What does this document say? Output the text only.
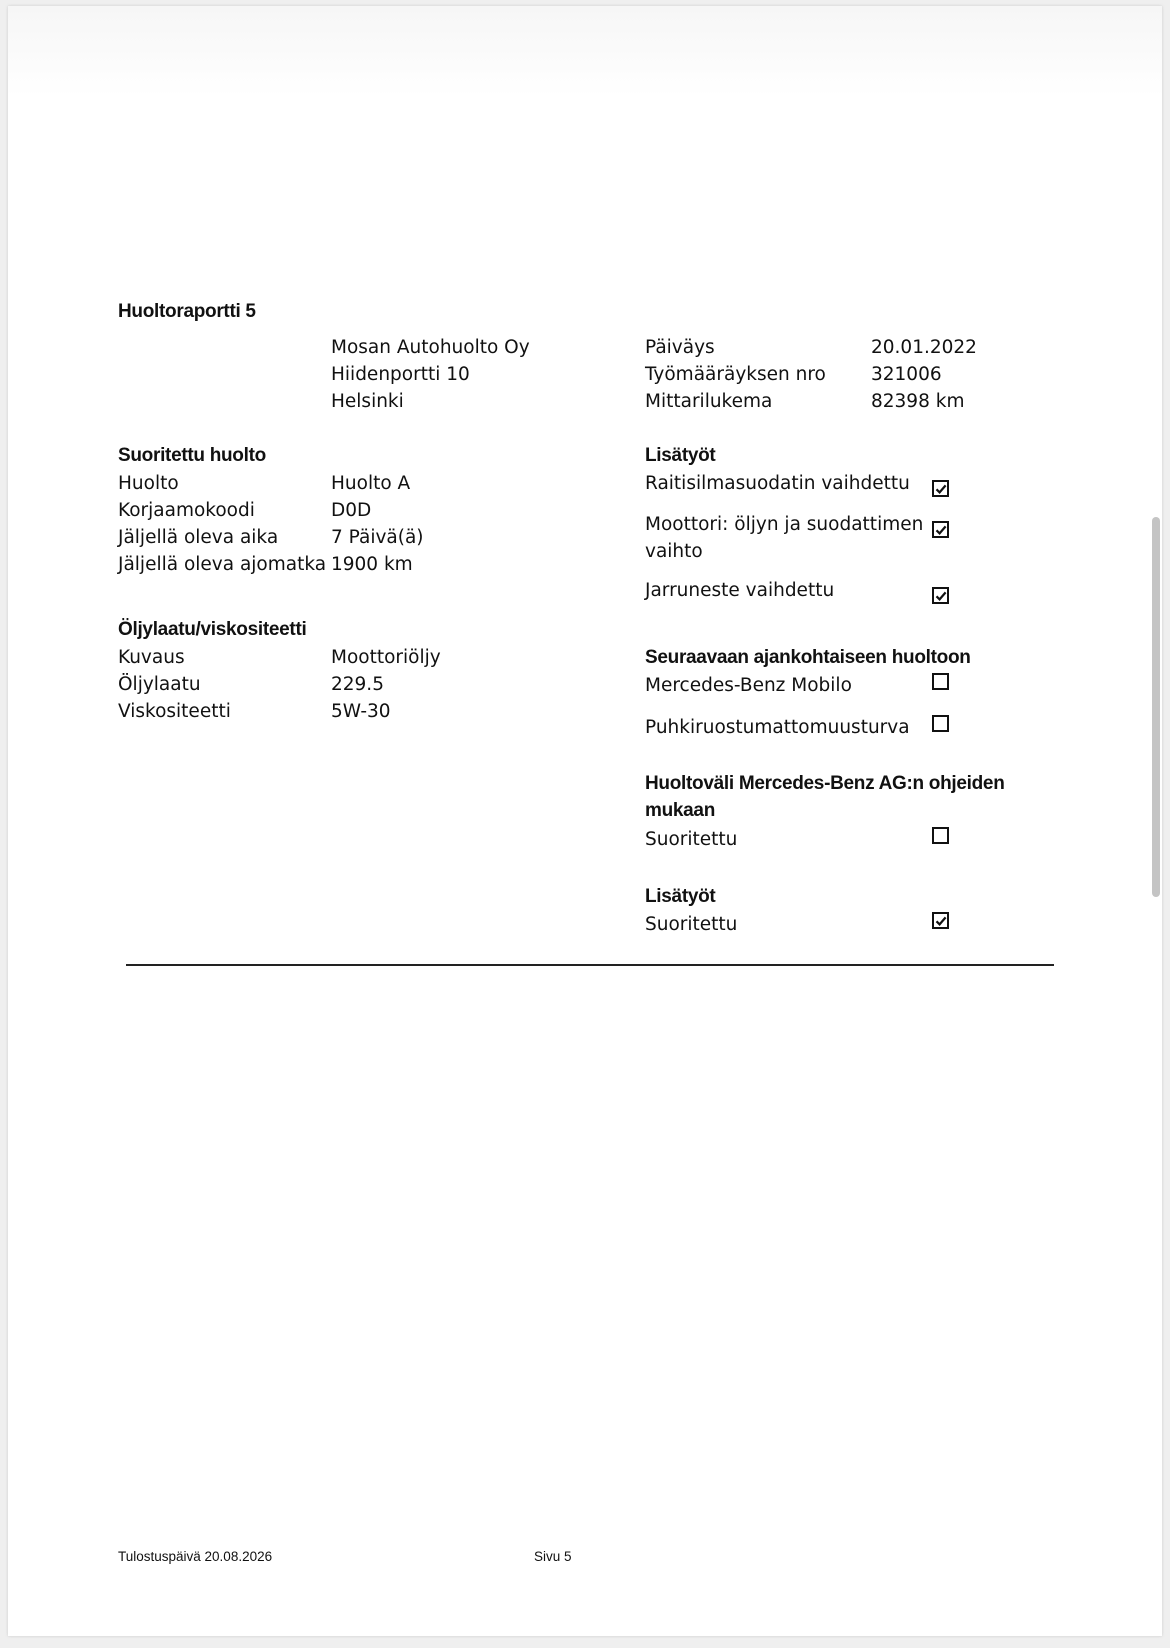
Huoltoraportti 5
Mosan Autohuolto Oy
Hiidenportti 10
Helsinki
Päiväys	20.01.2022
Työmääräyksen nro 321006
Mittarilukema	82398 km
Suoritettu huolto
Huolto	Huolto A
Korjaamokoodi	D0D
Jäljellä oleva aika	7 Päivä(ä)
Jäljellä oleva ajomatka 1900 km
Öljylaatu/viskositeetti
Kuvaus	Moottoriöljy
Öljylaatu	229.5
Viskositeetti	5W-30
Lisätyöt
Raitisilmasuodatin vaihdettu
Moottori: öljyn ja suodattimen
vaihto
Jarruneste vaihdettu
Seuraavaan ajankohtaiseen huoltoon
Mercedes-Benz Mobilo
Puhkiruostumattomuusturva
Huoltoväli Mercedes-Benz AG:n ohjeiden
mukaan
Suoritettu
Lisätyöt
Suoritettu
Tulostuspäivä 20.08.2026	Sivu 5
